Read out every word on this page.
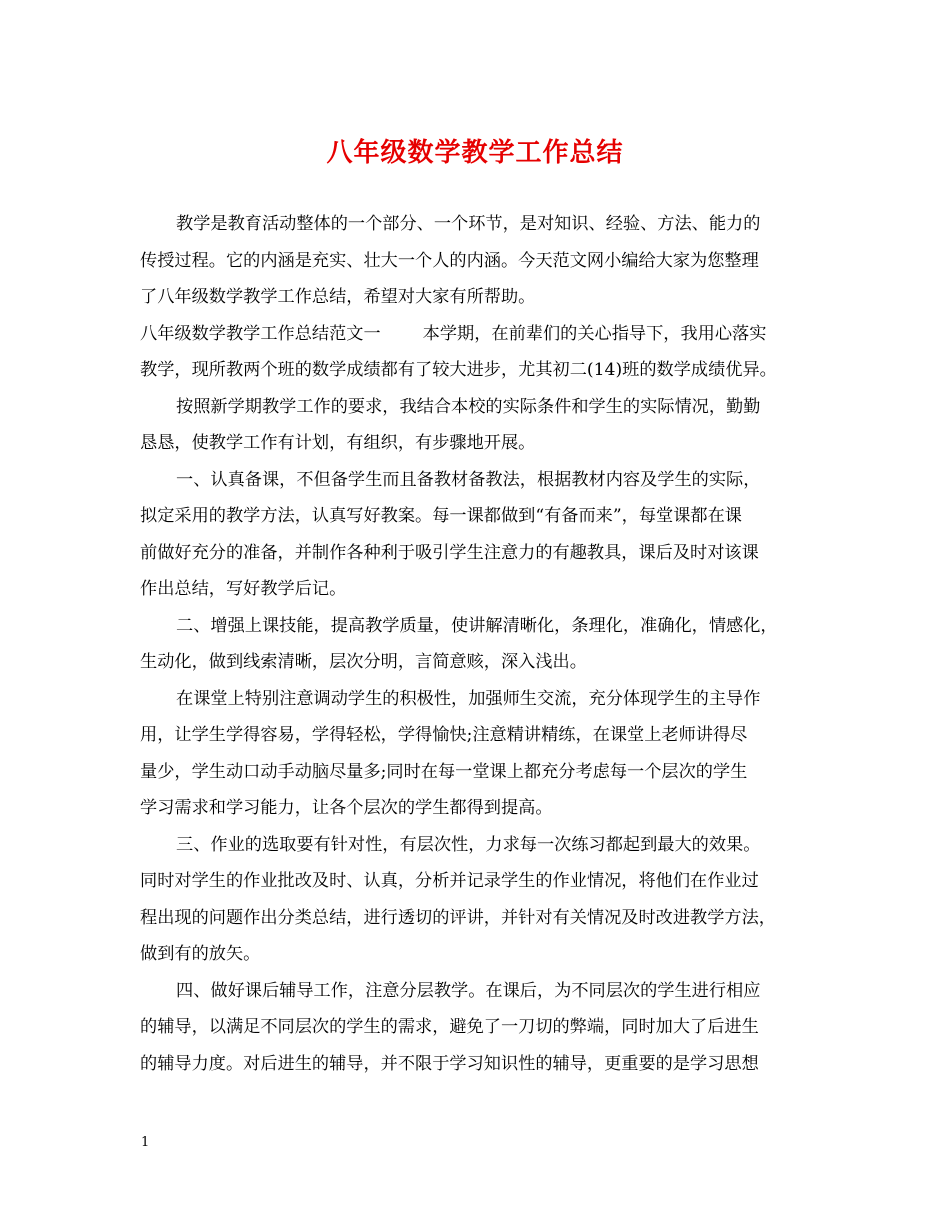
八年级数学教学工作总结
教学是教育活动整体的一个部分、一个环节，是对知识、经验、方法、能力的
传授过程。它的内涵是充实、壮大一个人的内涵。今天范文网小编给大家为您整理
了八年级数学教学工作总结，希望对大家有所帮助。
八年级数学教学工作总结范文一 本学期，在前辈们的关心指导下，我用心落实
教学，现所教两个班的数学成绩都有了较大进步，尤其初二(14)班的数学成绩优异。
按照新学期教学工作的要求，我结合本校的实际条件和学生的实际情况，勤勤
恳恳，使教学工作有计划，有组织，有步骤地开展。
一、认真备课，不但备学生而且备教材备教法，根据教材内容及学生的实际，
拟定采用的教学方法，认真写好教案。每一课都做到“有备而来”，每堂课都在课
前做好充分的准备，并制作各种利于吸引学生注意力的有趣教具，课后及时对该课
作出总结，写好教学后记。
二、增强上课技能，提高教学质量，使讲解清晰化，条理化，准确化，情感化，
生动化，做到线索清晰，层次分明，言简意赅，深入浅出。
在课堂上特别注意调动学生的积极性，加强师生交流，充分体现学生的主导作
用，让学生学得容易，学得轻松，学得愉快;注意精讲精练，在课堂上老师讲得尽
量少，学生动口动手动脑尽量多;同时在每一堂课上都充分考虑每一个层次的学生
学习需求和学习能力，让各个层次的学生都得到提高。
三、作业的选取要有针对性，有层次性，力求每一次练习都起到最大的效果。
同时对学生的作业批改及时、认真，分析并记录学生的作业情况，将他们在作业过
程出现的问题作出分类总结，进行透切的评讲，并针对有关情况及时改进教学方法，
做到有的放矢。
四、做好课后辅导工作，注意分层教学。在课后，为不同层次的学生进行相应
的辅导，以满足不同层次的学生的需求，避免了一刀切的弊端，同时加大了后进生
的辅导力度。对后进生的辅导，并不限于学习知识性的辅导，更重要的是学习思想
1
